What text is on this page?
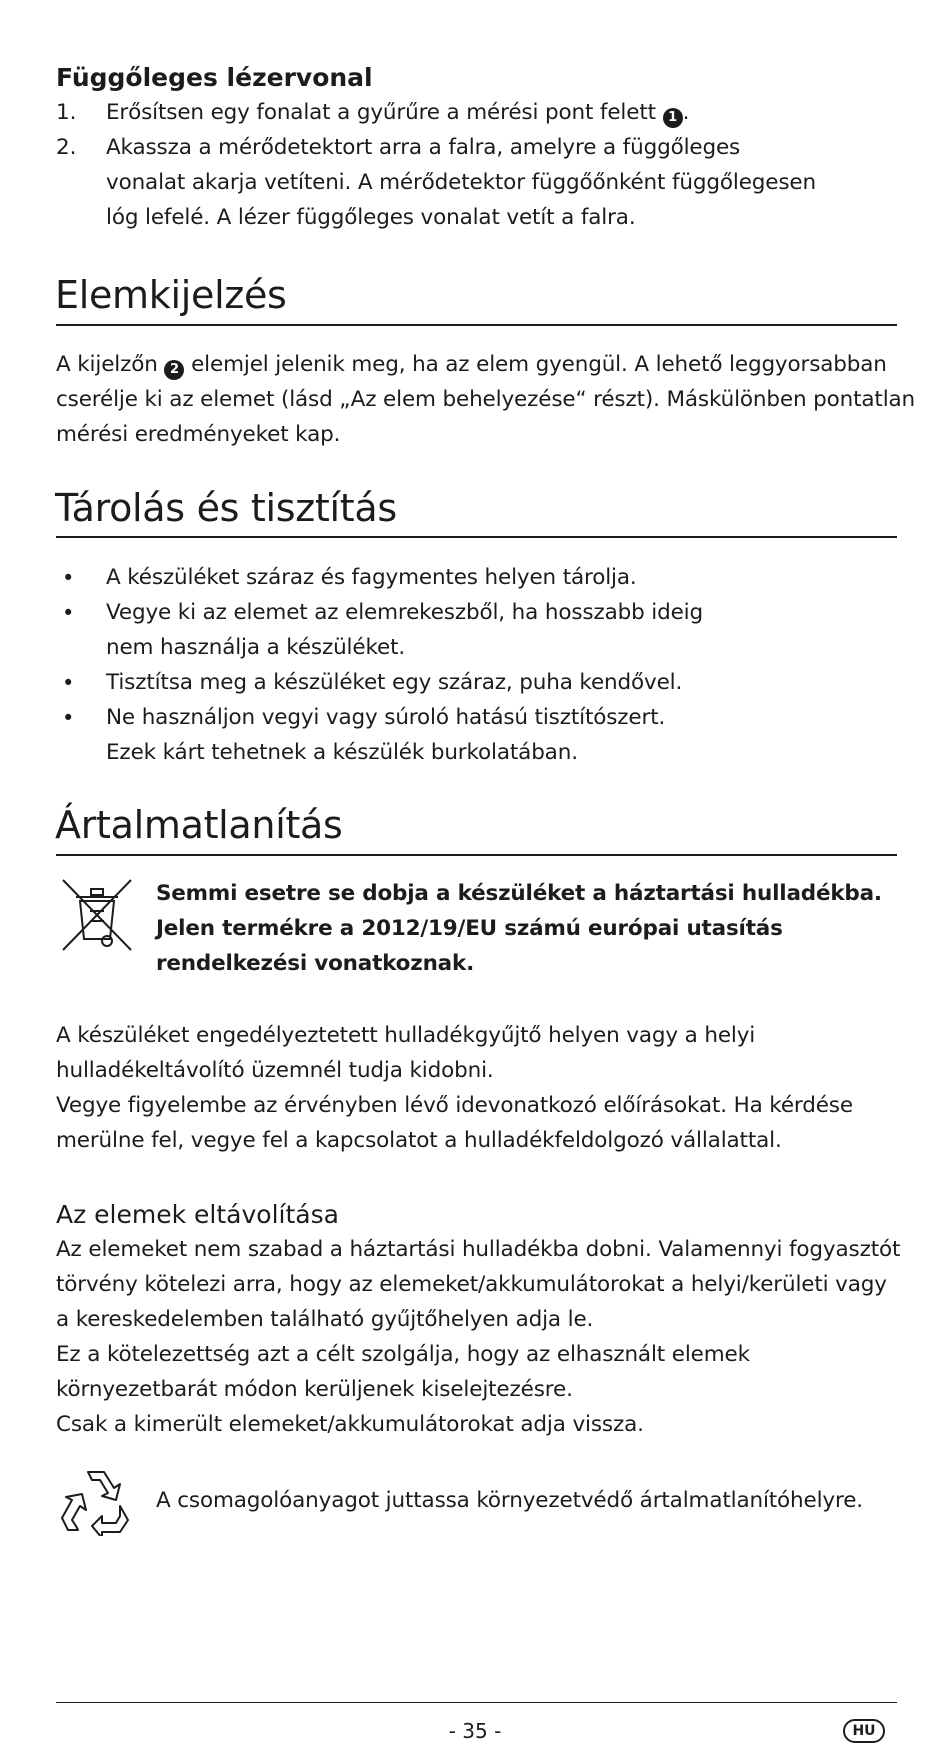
Függőleges lézervonal
1. Erősítsen egy fonalat a gyűrűre a mérési pont felett 1 .
2. Akassza a mérődetektort arra a falra, amelyre a függőleges
vonalat akarja vetíteni. A mérődetektor függőőnként függőlegesen
lóg lefelé. A lézer függőleges vonalat vetít a falra.
Elemkijelzés
A kijelzőn 2 elemjel jelenik meg, ha az elem gyengül. A lehető leggyorsabban
cserélje ki az elemet (lásd „Az elem behelyezése“ részt). Máskülönben pontatlan
mérési eredményeket kap.
Tárolás és tisztítás
• A készüléket száraz és fagymentes helyen tárolja.
• Vegye ki az elemet az elemrekeszből, ha hosszabb ideig
nem használja a készüléket.
• Tisztítsa meg a készüléket egy száraz, puha kendővel.
• Ne használjon vegyi vagy súroló hatású tisztítószert.
Ezek kárt tehetnek a készülék burkolatában.
Ártalmatlanítás
Semmi esetre se dobja a készüléket a háztartási hulladékba.
Jelen termékre a 2012/19/EU számú európai utasítás
rendelkezési vonatkoznak.
A készüléket engedélyeztetett hulladékgyűjtő helyen vagy a helyi
hulladékeltávolító üzemnél tudja kidobni.
Vegye figyelembe az érvényben lévő idevonatkozó előírásokat. Ha kérdése
merülne fel, vegye fel a kapcsolatot a hulladékfeldolgozó vállalattal.
Az elemek eltávolítása
Az elemeket nem szabad a háztartási hulladékba dobni. Valamennyi fogyasztót
törvény kötelezi arra, hogy az elemeket/akkumulátorokat a helyi/kerületi vagy
a kereskedelemben található gyűjtőhelyen adja le.
Ez a kötelezettség azt a célt szolgálja, hogy az elhasznált elemek
környezetbarát módon kerüljenek kiselejtezésre.
Csak a kimerült elemeket/akkumulátorokat adja vissza.
A csomagolóanyagot juttassa környezetvédő ártalmatlanítóhelyre.
- 35 -	HU
